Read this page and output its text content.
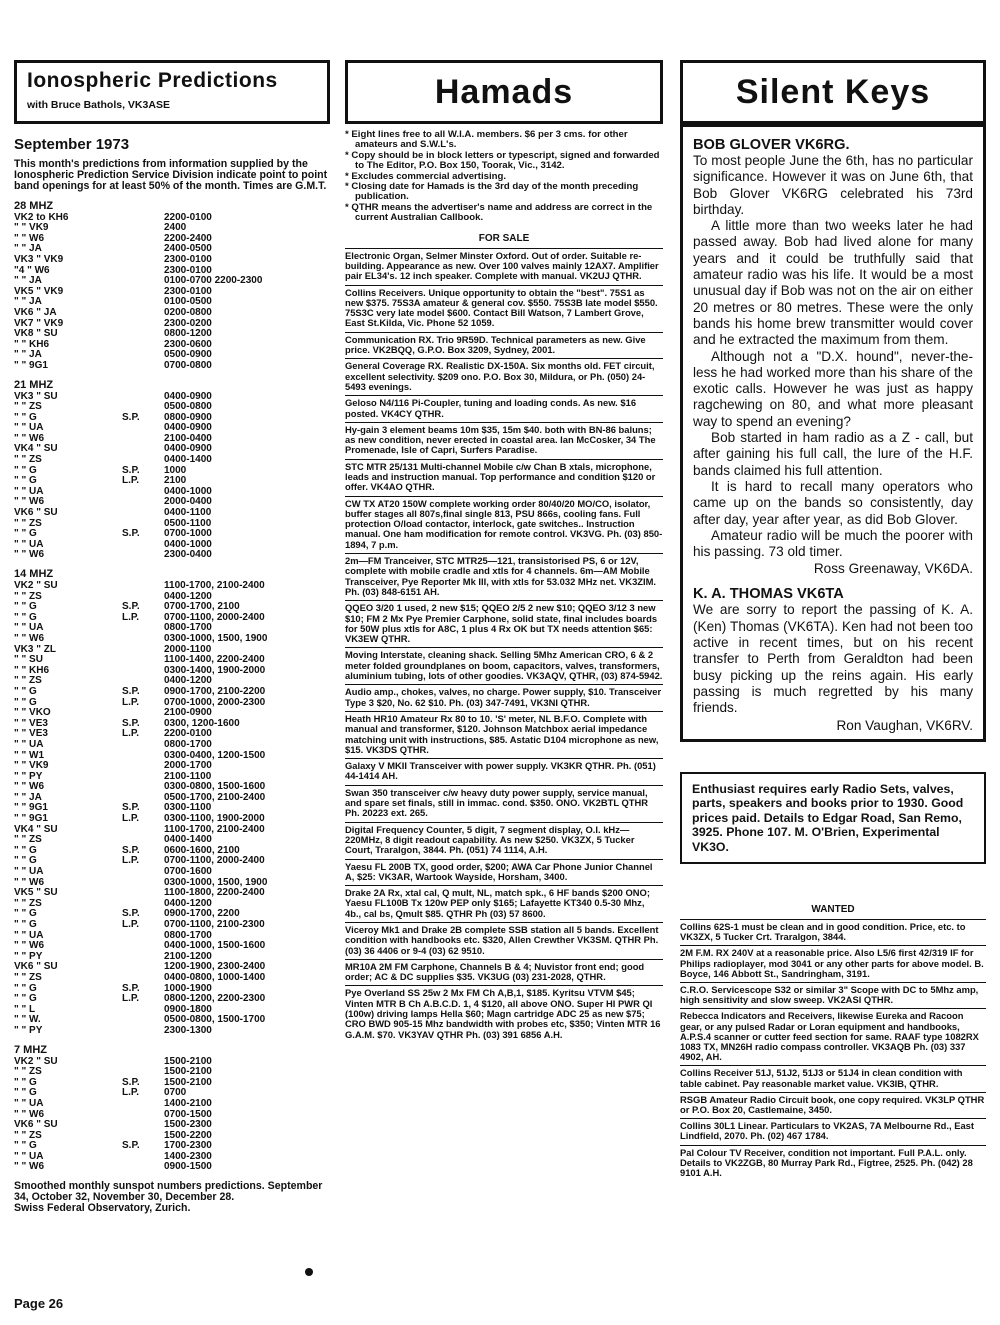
Ionospheric Predictions
with Bruce Bathols, VK3ASE
September 1973
This month's predictions from information supplied by the Ionospheric Prediction Service Division indicate point to point band openings for at least 50% of the month. Times are G.M.T.
28 MHZ
VK2 to KH6	2200-0100
" " VK9	2400
" " W6	2200-2400
" " JA	2400-0500
VK3 " VK9	2300-0100
"4 " W6	2300-0100
" " JA	0100-0700 2200-2300
VK5 " VK9	2300-0100
" " JA	0100-0500
VK6 " JA	0200-0800
VK7 " VK9	2300-0200
VK8 " SU	0800-1200
" " KH6	2300-0600
" " JA	0500-0900
" " 9G1	0700-0800
21 MHZ
VK3 " SU	0400-0900
" " ZS	0500-0800
" " G	S.P.	0800-0900
" " UA	0400-0900
" " W6	2100-0400
VK4 " SU	0400-0900
" " ZS	0400-1400
" " G	S.P.	1000
" " G	L.P.	2100
" " UA	0400-1000
" " W6	2000-0400
VK6 " SU	0400-1100
" " ZS	0500-1100
" " G	S.P.	0700-1000
" " UA	0400-1000
" " W6	2300-0400
14 MHZ
VK2 " SU	1100-1700, 2100-2400
" " ZS	0400-1200
" " G	S.P.	0700-1700, 2100
" " G	L.P.	0700-1100, 2000-2400
" " UA	0800-1700
" " W6	0300-1000, 1500, 1900
VK3 " ZL	2000-1100
" " SU	1100-1400, 2200-2400
" " KH6	0300-1400, 1900-2000
" " ZS	0400-1200
" " G	S.P.	0900-1700, 2100-2200
" " G	L.P.	0700-1000, 2000-2300
" " VKO	2100-0900
" " VE3	S.P.	0300, 1200-1600
" " VE3	L.P.	2200-0100
" " UA	0800-1700
" " W1	0300-0400, 1200-1500
" " VK9	2000-1700
" " PY	2100-1100
" " W6	0300-0800, 1500-1600
" " JA	0500-1700, 2100-2400
" " 9G1	S.P.	0300-1100
" " 9G1	L.P.	0300-1100, 1900-2000
VK4 " SU	1100-1700, 2100-2400
" " ZS	0400-1400
" " G	S.P.	0600-1600, 2100
" " G	L.P.	0700-1100, 2000-2400
" " UA	0700-1600
" " W6	0300-1000, 1500, 1900
VK5 " SU	1100-1800, 2200-2400
" " ZS	0400-1200
" " G	S.P.	0900-1700, 2200
" " G	L.P.	0700-1100, 2100-2300
" " UA	0800-1700
" " W6	0400-1000, 1500-1600
" " PY	2100-1200
VK6 " SU	1200-1900, 2300-2400
" " ZS	0400-0800, 1000-1400
" " G	S.P.	1000-1900
" " G	L.P.	0800-1200, 2200-2300
" " L	0900-1800
" " W.	0500-0800, 1500-1700
" " PY	2300-1300
7 MHZ
VK2 " SU	1500-2100
" " ZS	1500-2100
" " G	S.P.	1500-2100
" " G	L.P.	0700
" " UA	1400-2100
" " W6	0700-1500
VK6 " SU	1500-2300
" " ZS	1500-2200
" " G	S.P.	1700-2300
" " UA	1400-2300
" " W6	0900-1500
Smoothed monthly sunspot numbers predictions. September 34, October 32, November 30, December 28.
Swiss Federal Observatory, Zurich.
Page 26
Hamads
* Eight lines free to all W.I.A. members. $6 per 3 cms. for other amateurs and S.W.L's.
* Copy should be in block letters or typescript, signed and forwarded to The Editor, P.O. Box 150, Toorak, Vic., 3142.
* Excludes commercial advertising.
* Closing date for Hamads is the 3rd day of the month preceding publication.
* QTHR means the advertiser's name and address are correct in the current Australian Callbook.
FOR SALE
Electronic Organ, Selmer Minster Oxford. Out of order. Suitable re-building. Appearance as new. Over 100 valves mainly 12AX7. Amplifier pair EL34's. 12 inch speaker. Complete with manual. VK2UJ QTHR.
Collins Receivers. Unique opportunity to obtain the "best". 75S1 as new $375. 75S3A amateur & general cov. $550. 75S3B late model $550. 75S3C very late model $600. Contact Bill Watson, 7 Lambert Grove, East St.Kilda, Vic. Phone 52 1059.
Communication RX. Trio 9R59D. Technical parameters as new. Give price. VK2BQQ, G.P.O. Box 3209, Sydney, 2001.
General Coverage RX. Realistic DX-150A. Six months old. FET circuit, excellent selectivity. $209 ono. P.O. Box 30, Mildura, or Ph. (050) 24-5493 evenings.
Geloso N4/116 Pi-Coupler, tuning and loading conds. As new. $16 posted. VK4CY QTHR.
Hy-gain 3 element beams 10m $35, 15m $40. both with BN-86 baluns; as new condition, never erected in coastal area. Ian McCosker, 34 The Promenade, Isle of Capri, Surfers Paradise.
STC MTR 25/131 Multi-channel Mobile c/w Chan B xtals, microphone, leads and instruction manual. Top performance and condition $120 or offer. VK4AO QTHR.
CW TX AT20 150W complete working order 80/40/20 MO/CO, isolator, buffer stages all 807s,final single 813, PSU 866s, cooling fans. Full protection O/load contactor, interlock, gate switches.. Instruction manual. One ham modification for remote control. VK3VG. Ph. (03) 850-1894, 7 p.m.
2m—FM Tranceiver, STC MTR25—121, transistorised PS, 6 or 12V, complete with mobile cradle and xtls for 4 channels. 6m—AM Mobile Transceiver, Pye Reporter Mk III, with xtls for 53.032 MHz net. VK3ZIM. Ph. (03) 848-6151 AH.
QQEO 3/20 1 used, 2 new $15; QQEO 2/5 2 new $10; QQEO 3/12 3 new $10; FM 2 Mx Pye Premier Carphone, solid state, final includes boards for 50W plus xtls for A8C, 1 plus 4 Rx OK but TX needs attention $65: VK3EW QTHR.
Moving Interstate, cleaning shack. Selling 5Mhz American CRO, 6 & 2 meter folded groundplanes on boom, capacitors, valves, transformers, aluminium tubing, lots of other goodies. VK3AQV, QTHR, (03) 874-5942.
Audio amp., chokes, valves, no charge. Power supply, $10. Transceiver Type 3 $20, No. 62 $10. Ph. (03) 347-7491, VK3NI QTHR.
Heath HR10 Amateur Rx 80 to 10. 'S' meter, NL B.F.O. Complete with manual and transformer, $120. Johnson Matchbox aerial impedance matching unit with instructions, $85. Astatic D104 microphone as new, $15. VK3DS QTHR.
Galaxy V MKII Transceiver with power supply. VK3KR QTHR. Ph. (051) 44-1414 AH.
Swan 350 transceiver c/w heavy duty power supply, service manual, and spare set finals, still in immac. cond. $350. ONO. VK2BTL QTHR Ph. 20223 ext. 265.
Digital Frequency Counter, 5 digit, 7 segment display, O.I. kHz—220MHz, 8 digit readout capability. As new $250. VK3ZX, 5 Tucker Court, Traralgon, 3844. Ph. (051) 74 1114, A.H.
Yaesu FL 200B TX, good order, $200; AWA Car Phone Junior Channel A, $25: VK3AR, Wartook Wayside, Horsham, 3400.
Drake 2A Rx, xtal cal, Q mult, NL, match spk., 6 HF bands $200 ONO; Yaesu FL100B Tx 120w PEP only $165; Lafayette KT340 0.5-30 Mhz, 4b., cal bs, Qmult $85. QTHR Ph (03) 57 8600.
Viceroy Mk1 and Drake 2B complete SSB station all 5 bands. Excellent condition with handbooks etc. $320, Allen Crewther VK3SM. QTHR Ph. (03) 36 4406 or 9-4 (03) 62 9510.
MR10A 2M FM Carphone, Channels B & 4; Nuvistor front end; good order; AC & DC supplies $35. VK3UG (03) 231-2028, QTHR.
Pye Overland SS 25w 2 Mx FM Ch A,B,1, $185. Kyritsu VTVM $45; Vinten MTR B Ch A.B.C.D. 1, 4 $120, all above ONO. Super HI PWR QI (100w) driving lamps Hella $60; Magn cartridge ADC 25 as new $75; CRO BWD 905-15 Mhz bandwidth with probes etc, $350; Vinten MTR 16 G.A.M. $70. VK3YAV QTHR Ph. (03) 391 6856 A.H.
Silent Keys
BOB GLOVER VK6RG.
To most people June the 6th, has no particular significance. However it was on June 6th, that Bob Glover VK6RG celebrated his 73rd birthday.
A little more than two weeks later he had passed away. Bob had lived alone for many years and it could be truthfully said that amateur radio was his life. It would be a most unusual day if Bob was not on the air on either 20 metres or 80 metres. These were the only bands his home brew transmitter would cover and he extracted the maximum from them.
Although not a "D.X. hound", never-the-less he had worked more than his share of the exotic calls. However he was just as happy ragchewing on 80, and what more pleasant way to spend an evening?
Bob started in ham radio as a Z - call, but after gaining his full call, the lure of the H.F. bands claimed his full attention.
It is hard to recall many operators who came up on the bands so consistently, day after day, year after year, as did Bob Glover.
Amateur radio will be much the poorer with his passing. 73 old timer.
Ross Greenaway, VK6DA.
K. A. THOMAS VK6TA
We are sorry to report the passing of K. A. (Ken) Thomas (VK6TA). Ken had not been too active in recent times, but on his recent transfer to Perth from Geraldton had been busy picking up the reins again. His early passing is much regretted by his many friends.
Ron Vaughan, VK6RV.
Enthusiast requires early Radio Sets, valves, parts, speakers and books prior to 1930. Good prices paid. Details to Edgar Road, San Remo, 3925. Phone 107. M. O'Brien, Experimental VK3O.
WANTED
Collins 62S-1 must be clean and in good condition. Price, etc. to VK3ZX, 5 Tucker Crt. Traralgon, 3844.
2M F.M. RX 240V at a reasonable price. Also L5/6 first 42/319 IF for Philips radioplayer, mod 3041 or any other parts for above model. B. Boyce, 146 Abbott St., Sandringham, 3191.
C.R.O. Servicescope S32 or similar 3" Scope with DC to 5Mhz amp, high sensitivity and slow sweep. VK2ASI QTHR.
Rebecca Indicators and Receivers, likewise Eureka and Racoon gear, or any pulsed Radar or Loran equipment and handbooks, A.P.S.4 scanner or cutter feed section for same. RAAF type 1082RX 1083 TX, MN26H radio compass controller. VK3AQB Ph. (03) 337 4902, AH.
Collins Receiver 51J, 51J2, 51J3 or 51J4 in clean condition with table cabinet. Pay reasonable market value. VK3IB, QTHR.
RSGB Amateur Radio Circuit book, one copy required. VK3LP QTHR or P.O. Box 20, Castlemaine, 3450.
Collins 30L1 Linear. Particulars to VK2AS, 7A Melbourne Rd., East Lindfield, 2070. Ph. (02) 467 1784.
Pal Colour TV Receiver, condition not important. Full P.A.L. only. Details to VK2ZGB, 80 Murray Park Rd., Figtree, 2525. Ph. (042) 28 9101 A.H.
